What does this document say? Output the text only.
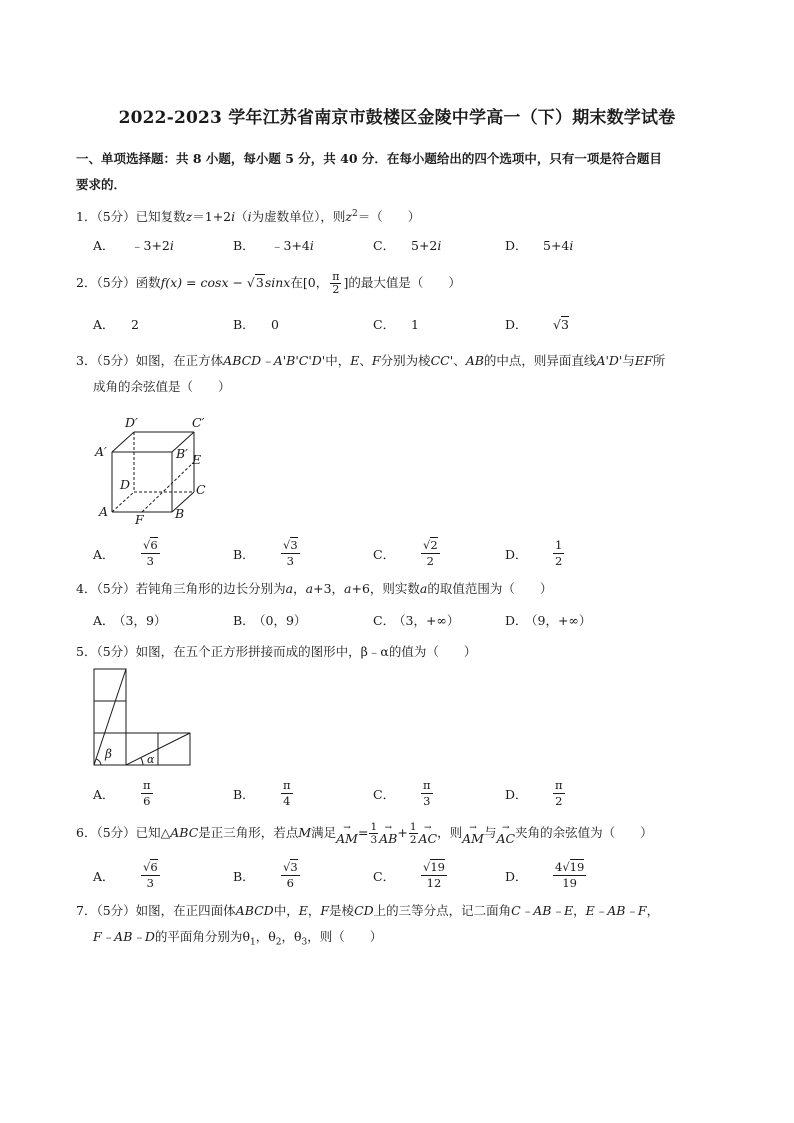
2022-2023 学年江苏省南京市鼓楼区金陵中学高一（下）期末数学试卷
一、单项选择题：共 8 小题，每小题 5 分，共 40 分．在每小题给出的四个选项中，只有一项是符合题目
要求的．
1．（5分）已知复数z＝1+2i（i为虚数单位），则$z^2=$（　　）
A． ﹣3+2i	B． ﹣3+4i	C． 5+2i	D． 5+4i
2．（5分）函数f(x) = cosx − √3sinx在[0， $\frac{\pi}{2}$ ]的最大值是（　　）
A． 2	B． 0	C． 1	D． √3
3．（5分）如图，在正方体ABCD﹣A'B'C'D'中，E、F分别为棱CC'、AB的中点，则异面直线A'D'与EF所
成角的余弦值是（　　）
D′	C′
A′	B′ E
D	C
A
F	B
A． $\frac{√6}{3}$	B． $\frac{√3}{3}$	C． $\frac{√2}{2}$	D． $\frac{1}{2}$
4．（5分）若钝角三角形的边长分别为a，a+3，a+6，则实数a的取值范围为（　　）
A．（3，9）	B．（0，9）	C．（3，+∞）	D．（9，+∞）
5．（5分）如图，在五个正方形拼接而成的图形中，β﹣α的值为（　　）
β	α
A． $\frac{\pi}{6}$	B． $\frac{\pi}{4}$	C． $\frac{\pi}{3}$	D． $\frac{\pi}{2}$
6．（5分）已知△ABC是正三角形，若点M满足 →
AM = $\frac{1}{3}$ →
AB + $\frac{1}{2}$ →
AC ，则 →
AM 与 →
AC 夹角的余弦值为（　　）
A． $\frac{√6}{3}$	B． $\frac{√3}{6}$	C． $\frac{√19}{12}$	D． $\frac{4√19}{19}$
7．（5分）如图，在正四面体ABCD中，E，F是棱CD上的三等分点，记二面角C﹣AB﹣E，E﹣AB﹣F，
F﹣AB﹣D的平面角分别为$\theta_1$，$\theta_2$，$\theta_3$，则（　　）
